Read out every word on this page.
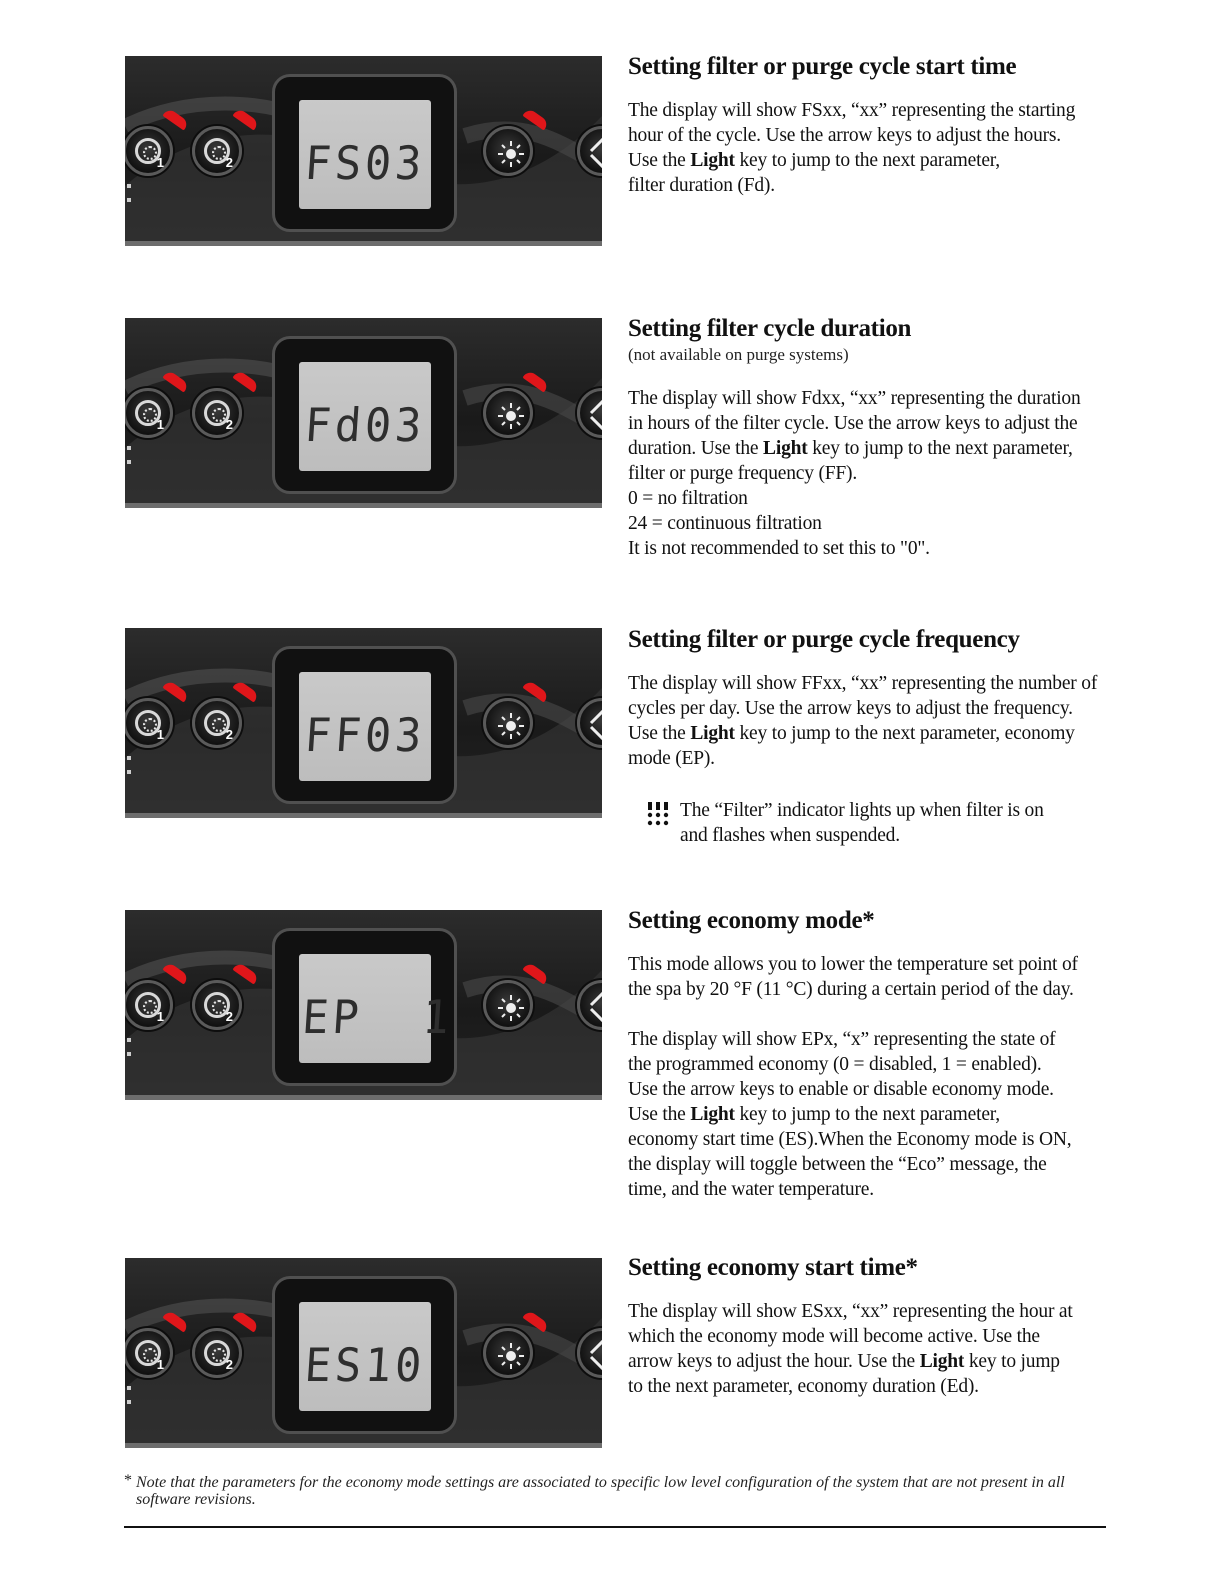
1	2 FS03
1	2 Fd03
1	2 FF03
1	2 EP  1
1	2 ES10
Setting filter or purge cycle start time
The display will show FSxx, “xx” representing the starting
hour of the cycle. Use the arrow keys to adjust the hours.
Use the Light key to jump to the next parameter,
filter duration (Fd).
Setting filter cycle duration
(not available on purge systems)
The display will show Fdxx, “xx” representing the duration
in hours of the filter cycle. Use the arrow keys to adjust the
duration. Use the Light key to jump to the next parameter,
filter or purge frequency (FF).
0 = no filtration
24 = continuous filtration
It is not recommended to set this to "0".
Setting filter or purge cycle frequency
The display will show FFxx, “xx” representing the number of
cycles per day. Use the arrow keys to adjust the frequency.
Use the Light key to jump to the next parameter, economy
mode (EP).
The “Filter” indicator lights up when filter is on
and flashes when suspended.
Setting economy mode*
This mode allows you to lower the temperature set point of
the spa by 20 °F (11 °C) during a certain period of the day.
The display will show EPx, “x” representing the state of
the programmed economy (0 = disabled, 1 = enabled).
Use the arrow keys to enable or disable economy mode.
Use the Light key to jump to the next parameter,
economy start time (ES).When the Economy mode is ON,
the display will toggle between the “Eco” message, the
time, and the water temperature.
Setting economy start time*
The display will show ESxx, “xx” representing the hour at
which the economy mode will become active. Use the
arrow keys to adjust the hour. Use the Light key to jump
to the next parameter, economy duration (Ed).
* Note that the parameters for the economy mode settings are associated to specific low level configuration of the system that are not present in all software revisions.
